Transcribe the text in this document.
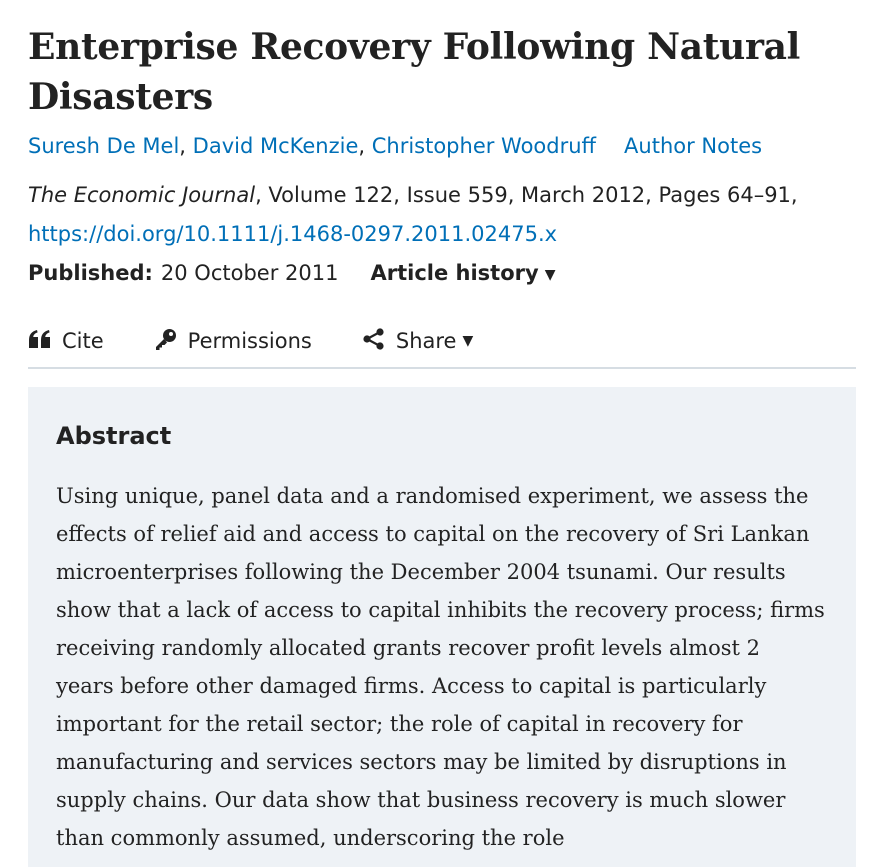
Enterprise Recovery Following Natural Disasters
Suresh De Mel, David McKenzie, Christopher Woodruff Author Notes
The Economic Journal, Volume 122, Issue 559, March 2012, Pages 64–91,
https://doi.org/10.1111/j.1468-0297.2011.02475.x
Published: 20 October 2011 Article history ▼
Cite	Permissions	Share ▼
Abstract

Using unique, panel data and a randomised experiment, we assess the effects of relief aid and access to capital on the recovery of Sri Lankan microenterprises following the December 2004 tsunami. Our results show that a lack of access to capital inhibits the recovery process; firms receiving randomly allocated grants recover profit levels almost 2    years before other damaged firms. Access to capital is particularly important for the retail sector; the role of capital in recovery for manufacturing and services sectors may be limited by disruptions in supply chains. Our data show that business recovery is much slower than commonly assumed, underscoring the role
